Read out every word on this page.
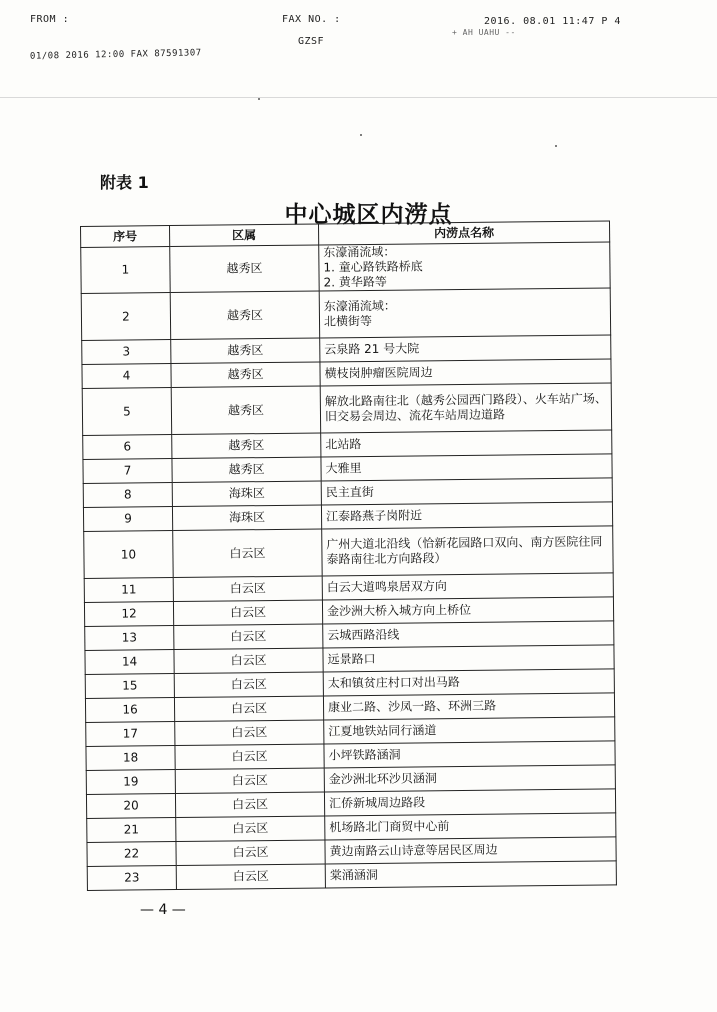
FROM :	FAX NO. :	2016. 08.01 11:47 P 4
+ AH UAHU --
GZSF
01/08 2016 12:00 FAX 87591307
附表 1
中心城区内涝点
序号	区属	内涝点名称
1	越秀区	东濠涌流域：
1. 童心路铁路桥底
2. 黄华路等
2	越秀区	东濠涌流域：
北横街等
3	越秀区	云泉路 21 号大院
4	越秀区	横枝岗肿瘤医院周边
5	越秀区	解放北路南往北（越秀公园西门路段）、火车站广场、旧交易会周边、流花车站周边道路
6	越秀区	北站路
7	越秀区	大雅里
8	海珠区	民主直街
9	海珠区	江泰路燕子岗附近
10	白云区	广州大道北沿线（恰新花园路口双向、南方医院往同泰路南往北方向路段）
11	白云区	白云大道鸣泉居双方向
12	白云区	金沙洲大桥入城方向上桥位
13	白云区	云城西路沿线
14	白云区	远景路口
15	白云区	太和镇贫庄村口对出马路
16	白云区	康业二路、沙凤一路、环洲三路
17	白云区	江夏地铁站同行涵道
18	白云区	小坪铁路涵洞
19	白云区	金沙洲北环沙贝涵洞
20	白云区	汇侨新城周边路段
21	白云区	机场路北门商贸中心前
22	白云区	黄边南路云山诗意等居民区周边
23	白云区	棠涌涵洞
— 4 —
